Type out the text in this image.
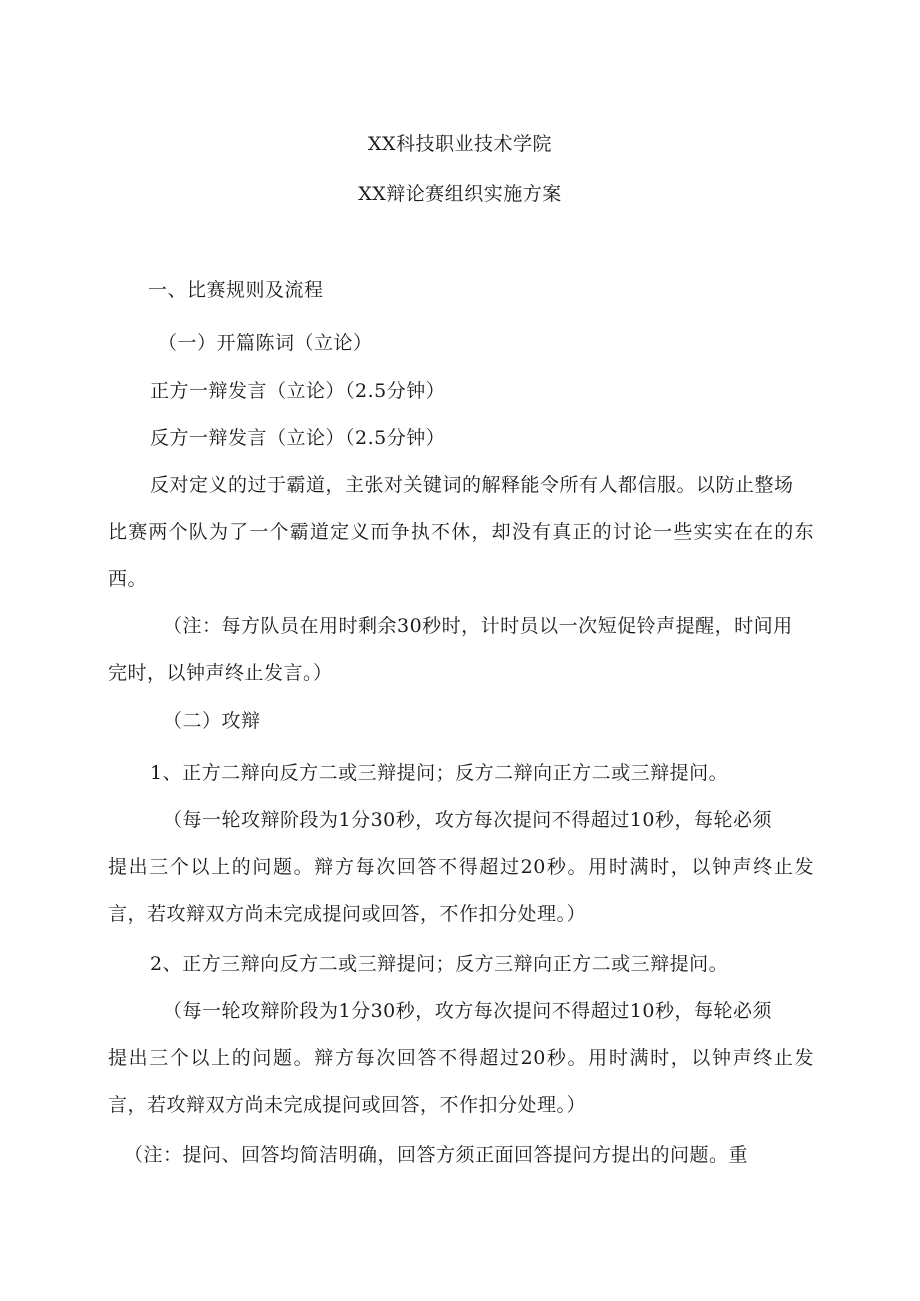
XX科技职业技术学院
XX辩论赛组织实施方案
一、比赛规则及流程
（一）开篇陈词（立论）
正方一辩发言（立论）（2.5分钟）
反方一辩发言（立论）（2.5分钟）
反对定义的过于霸道，主张对关键词的解释能令所有人都信服。以防止整场
比赛两个队为了一个霸道定义而争执不休，却没有真正的讨论一些实实在在的东
西。
（注：每方队员在用时剩余30秒时，计时员以一次短促铃声提醒，时间用
完时，以钟声终止发言。）
（二）攻辩
1、正方二辩向反方二或三辩提问；反方二辩向正方二或三辩提问。
（每一轮攻辩阶段为1分30秒，攻方每次提问不得超过10秒，每轮必须
提出三个以上的问题。辩方每次回答不得超过20秒。用时满时，以钟声终止发
言，若攻辩双方尚未完成提问或回答，不作扣分处理。）
2、正方三辩向反方二或三辩提问；反方三辩向正方二或三辩提问。
（每一轮攻辩阶段为1分30秒，攻方每次提问不得超过10秒，每轮必须
提出三个以上的问题。辩方每次回答不得超过20秒。用时满时，以钟声终止发
言，若攻辩双方尚未完成提问或回答，不作扣分处理。）
（注：提问、回答均简洁明确，回答方须正面回答提问方提出的问题。重
